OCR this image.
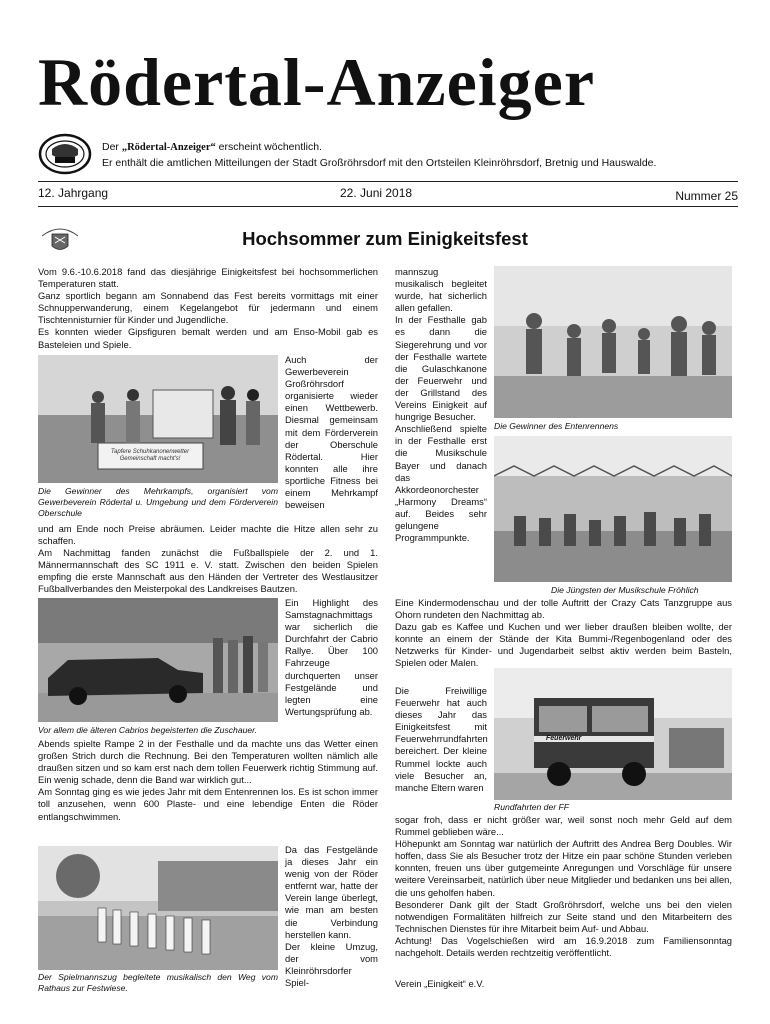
Rödertal-Anzeiger
Der „Rödertal-Anzeiger“ erscheint wöchentlich.
Er enthält die amtlichen Mitteilungen der Stadt Großröhrsdorf mit den Ortsteilen Kleinröhrsdorf, Bretnig und Hauswalde.
12. Jahrgang	22. Juni 2018	Nummer 25
Hochsommer zum Einigkeitsfest

Vom 9.6.-10.6.2018 fand das diesjährige Einigkeitsfest bei hochsommerlichen Temperaturen statt.

Ganz sportlich begann am Sonnabend das Fest bereits vormittags mit einer Schnupperwanderung, einem Kegelangebot für jedermann und einem Tischtennisturnier für Kinder und Jugendliche.

Es konnten wieder Gipsfiguren bemalt werden und am Enso-Mobil gab es Basteleien und Spiele.

Tapfere Schuhkanonenwetter Gemeinschaft macht's!
Die Gewinner des Mehrkampfs, organisiert vom Gewerbeverein Rödertal u. Umgebung und dem Förderverein Oberschule
Auch der Gewerbeverein Großröhrsdorf organisierte wieder einen Wettbewerb. Diesmal gemeinsam mit dem Förderverein der Oberschule Rödertal. Hier konnten alle ihre sportliche Fitness bei einem Mehrkampf beweisen

und am Ende noch Preise abräumen. Leider machte die Hitze allen sehr zu schaffen.

Am Nachmittag fanden zunächst die Fußballspiele der 2. und 1. Männermannschaft des SC 1911 e. V. statt. Zwischen den beiden Spielen empfing die erste Mannschaft aus den Händen der Vertreter des Westlausitzer Fußballverbandes den Meisterpokal des Landkreises Bautzen.

Vor allem die älteren Cabrios begeisterten die Zuschauer.
Ein Highlight des Samstagnachmittags war sicherlich die Durchfahrt der Cabrio Rallye. Über 100 Fahrzeuge durchquerten unser Festgelände und legten eine Wertungsprüfung ab.

Abends spielte Rampe 2 in der Festhalle und da machte uns das Wetter einen großen Strich durch die Rechnung. Bei den Temperaturen wollten nämlich alle draußen sitzen und so kam erst nach dem tollen Feuerwerk richtig Stimmung auf. Ein wenig schade, denn die Band war wirklich gut...

Am Sonntag ging es wie jedes Jahr mit dem Entenrennen los. Es ist schon immer toll anzusehen, wenn 600 Plaste- und eine lebendige Enten die Röder entlangschwimmen.

Der Spielmannszug begleitete musikalisch den Weg vom Rathaus zur Festwiese.

Da das Festgelände ja dieses Jahr ein wenig von der Röder entfernt war, hatte der Verein lange überlegt, wie man am besten die Verbindung herstellen kann.

Der kleine Umzug, der vom Kleinröhrsdorfer Spiel-

mannszug musikalisch begleitet wurde, hat sicherlich allen gefallen.

In der Festhalle gab es dann die Siegerehrung und vor der Festhalle wartete die Gulaschkanone der Feuerwehr und der Grillstand des Vereins Einigkeit auf hungrige Besucher.

Anschließend spielte in der Festhalle erst die Musikschule Bayer und danach das Akkordeonorchester „Harmony Dreams“ auf. Beides sehr gelungene Programmpunkte.

Die Gewinner des Entenrennens
Die Jüngsten der Musikschule Fröhlich

Eine Kindermodenschau und der tolle Auftritt der Crazy Cats Tanzgruppe aus Ohorn rundeten den Nachmittag ab.

Dazu gab es Kaffee und Kuchen und wer lieber draußen bleiben wollte, der konnte an einem der Stände der Kita Bummi-/Regenbogenland oder des Netzwerks für Kinder- und Jugendarbeit selbst aktiv werden beim Basteln, Spielen oder Malen.

Die Freiwillige Feuerwehr hat auch dieses Jahr das Einigkeitsfest mit Feuerwehrrundfahrten bereichert. Der kleine Rummel lockte auch viele Besucher an, manche Eltern waren
Feuerwehr
Rundfahrten der FF

sogar froh, dass er nicht größer war, weil sonst noch mehr Geld auf dem Rummel geblieben wäre...

Höhepunkt am Sonntag war natürlich der Auftritt des Andrea Berg Doubles. Wir hoffen, dass Sie als Besucher trotz der Hitze ein paar schöne Stunden verleben konnten, freuen uns über gutgemeinte Anregungen und Vorschläge für unsere weitere Vereinsarbeit, natürlich über neue Mitglieder und bedanken uns bei allen, die uns geholfen haben.

Besonderer Dank gilt der Stadt Großröhrsdorf, welche uns bei den vielen notwendigen Formalitäten hilfreich zur Seite stand und den Mitarbeitern des Technischen Dienstes für ihre Mitarbeit beim Auf- und Abbau.

Achtung! Das Vogelschießen wird am 16.9.2018 zum Familiensonntag nachgeholt. Details werden rechtzeitig veröffentlicht.

Verein „Einigkeit“ e.V.
